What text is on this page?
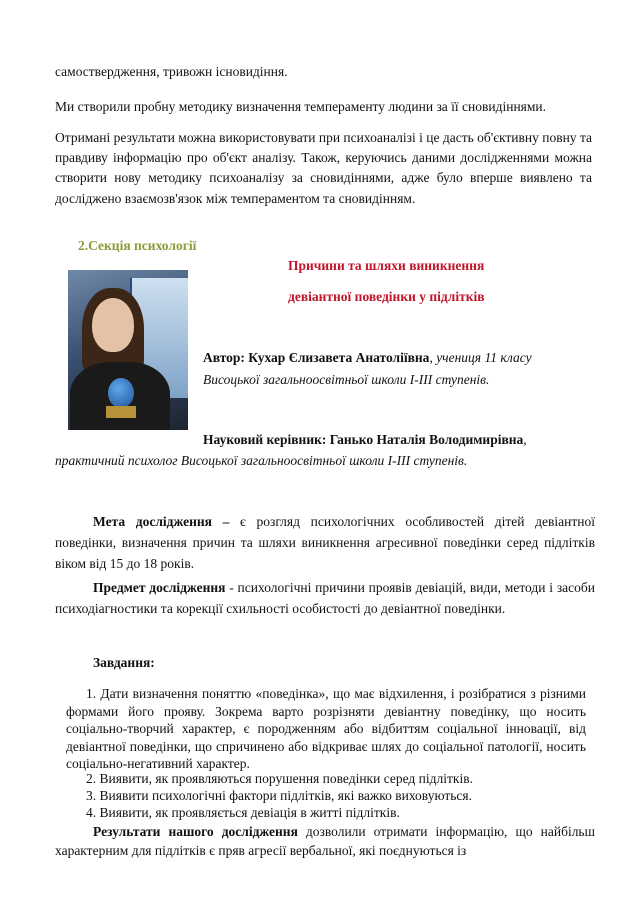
самоствердження, тривожн існовидіння.

Ми створили пробну методику визначення темпераменту людини за її сновидіннями.

Отримані результати можна використовувати при психоаналізі і це дасть об'єктивну повну та правдиву інформацію про об'єкт аналізу. Також, керуючись даними дослідженнями можна створити нову методику психоаналізу за сновидіннями, адже було вперше виявлено та досліджено взаємозв'язок між темпераментом та сновидінням.

2.Секція психології

Причини та шляхи виникнення

девіантної поведінки у підлітків

Автор: Кухар Єлизавета Анатоліївна, учениця 11 класу

Висоцької загальноосвітньої школи I-III ступенів.

Науковий керівник: Ганько Наталія Володимирівна,

практичний психолог Висоцької загальноосвітньої школи I-III ступенів.

Мета дослідження – є розгляд психологічних особливостей дітей девіантної поведінки, визначення причин та шляхи виникнення агресивної поведінки серед підлітків віком від 15 до 18 років.

Предмет дослідження - психологічні причини проявів девіацій, види, методи і засоби психодіагностики та корекції схильності особистості до девіантної поведінки.

Завдання:

1. Дати визначення поняттю «поведінка», що має відхилення, і розібратися з різними формами його прояву. Зокрема варто розрізняти девіантну поведінку, що носить соціально-творчий характер, є породженням або відбиттям соціальної інновації, від девіантної поведінки, що спричинено або відкриває шлях до соціальної патології, носить соціально-негативний характер.

2. Виявити, як проявляються порушення поведінки серед підлітків.

3. Виявити психологічні фактори підлітків, які важко виховуються.

4. Виявити, як проявляється девіація в житті підлітків.

Результати нашого дослідження дозволили отримати інформацію, що найбільш характерним для підлітків є пряв агресії вербальної, які поєднуються із
